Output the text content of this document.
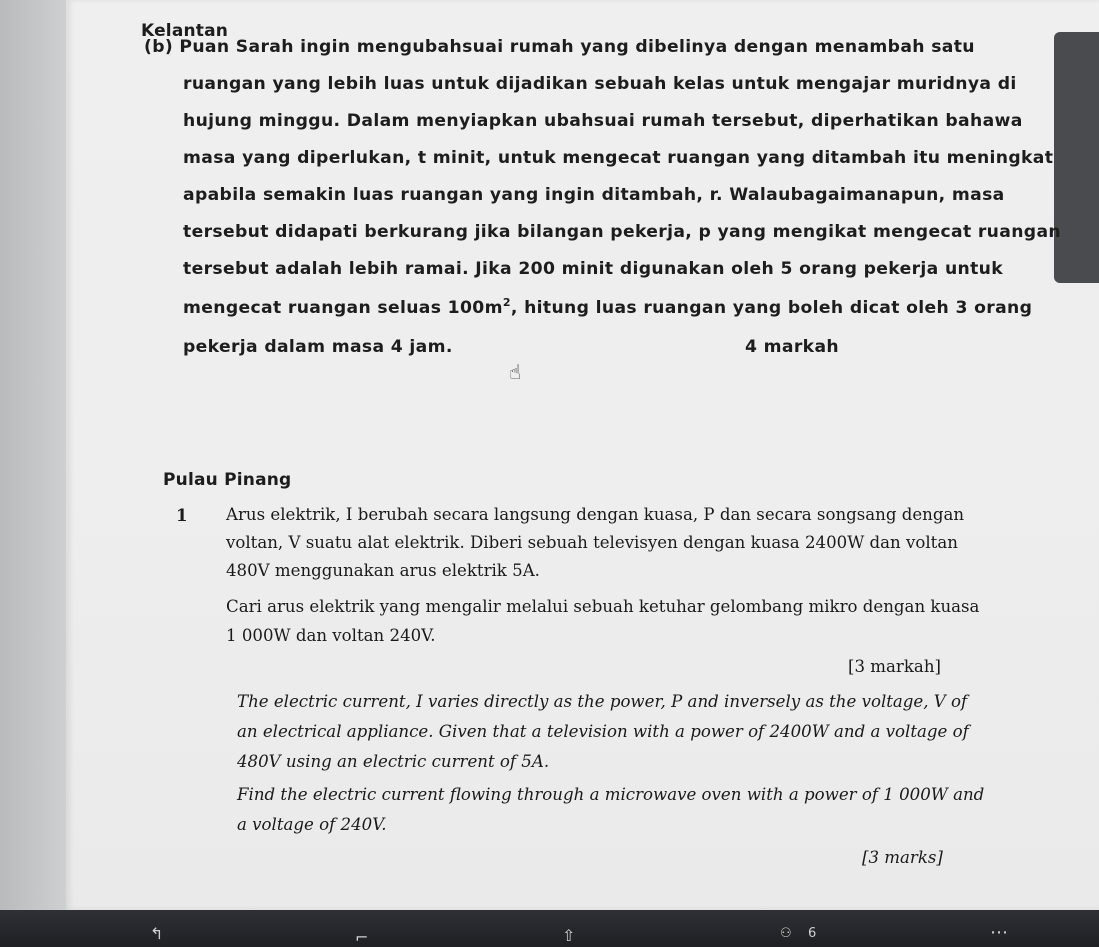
Kelantan
(b) Puan Sarah ingin mengubahsuai rumah yang dibelinya dengan menambah satu
ruangan yang lebih luas untuk dijadikan sebuah kelas untuk mengajar muridnya di
hujung minggu. Dalam menyiapkan ubahsuai rumah tersebut, diperhatikan bahawa
masa yang diperlukan, t minit, untuk mengecat ruangan yang ditambah itu meningkat
apabila semakin luas ruangan yang ingin ditambah, r. Walaubagaimanapun, masa
tersebut didapati berkurang jika bilangan pekerja, p yang mengikat mengecat ruangan
tersebut adalah lebih ramai. Jika 200 minit digunakan oleh 5 orang pekerja untuk
mengecat ruangan seluas $100m^2$, hitung luas ruangan yang boleh dicat oleh 3 orang
pekerja dalam masa 4 jam.	4 markah
☝
Pulau Pinang
1 Arus elektrik, I berubah secara langsung dengan kuasa, P dan secara songsang dengan
voltan, V suatu alat elektrik. Diberi sebuah televisyen dengan kuasa 2400W dan voltan
480V menggunakan arus elektrik 5A.
Cari arus elektrik yang mengalir melalui sebuah ketuhar gelombang mikro dengan kuasa
1 000W dan voltan 240V.
[3 markah]
The electric current, I varies directly as the power, P and inversely as the voltage, V of
an electrical appliance. Given that a television with a power of 2400W and a voltage of
480V using an electric current of 5A.
Find the electric current flowing through a microwave oven with a power of 1 000W and
a voltage of 240V.
[3 marks]
↰	⌐	⇧	⚇ 6	⋯
